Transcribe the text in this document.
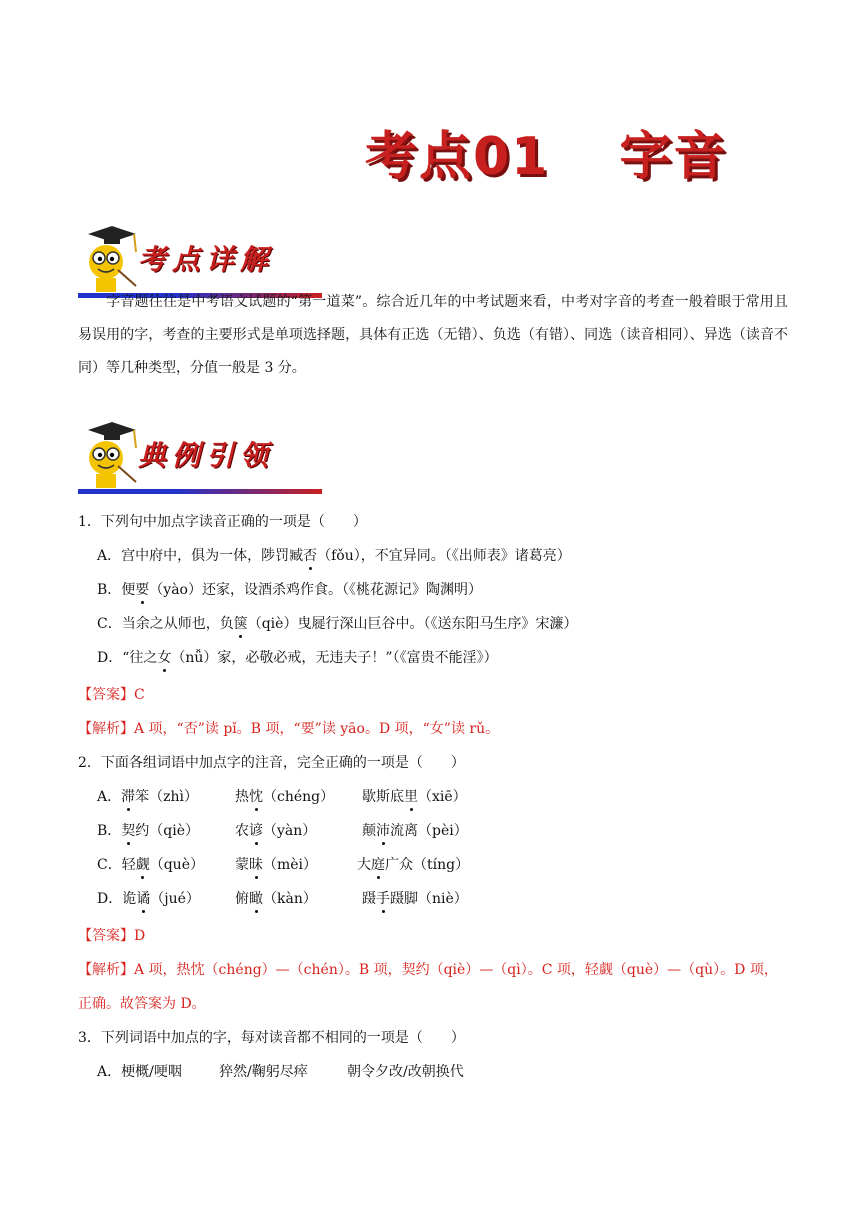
考点01 字音
考点详解
字音题往往是中考语文试题的“第一道菜”。综合近几年的中考试题来看，中考对字音的考查一般着眼于常用且易误用的字，考查的主要形式是单项选择题，具体有正选（无错）、负选（有错）、同选（读音相同）、异选（读音不同）等几种类型，分值一般是 3 分。
典例引领
1．下列句中加点字读音正确的一项是（　　）
A．宫中府中，俱为一体，陟罚臧否（fǒu），不宜异同。（《出师表》诸葛亮）
B．便要（yào）还家，设酒杀鸡作食。（《桃花源记》陶渊明）
C．当余之从师也，负箧（qiè）曳屣行深山巨谷中。（《送东阳马生序》宋濂）
D．“往之女（nǚ）家，必敬必戒，无违夫子！”（《富贵不能淫》）
【答案】C
【解析】A 项，“否”读 pǐ。B 项，“要”读 yāo。D 项，“女”读 rǔ。
2．下面各组词语中加点字的注音，完全正确的一项是（　　）
A．滞笨（zhì）	热忱（chéng） 歇斯底里（xiē）
B．契约（qiè）	农谚（yàn）	颠沛流离（pèi）
C．轻觑（què） 蒙昧（mèi）	大庭广众（tíng）
D．诡谲（jué）	俯瞰（kàn）	蹑手蹑脚（niè）
【答案】D
【解析】A 项，热忱（chéng）—（chén）。B 项，契约（qiè）—（qì）。C 项，轻觑（què）—（qù）。D 项，
正确。故答案为 D。
3．下列词语中加点的字，每对读音都不相同的一项是（　　）
A．梗概/哽咽	猝然/鞠躬尽瘁	朝令夕改/改朝换代
